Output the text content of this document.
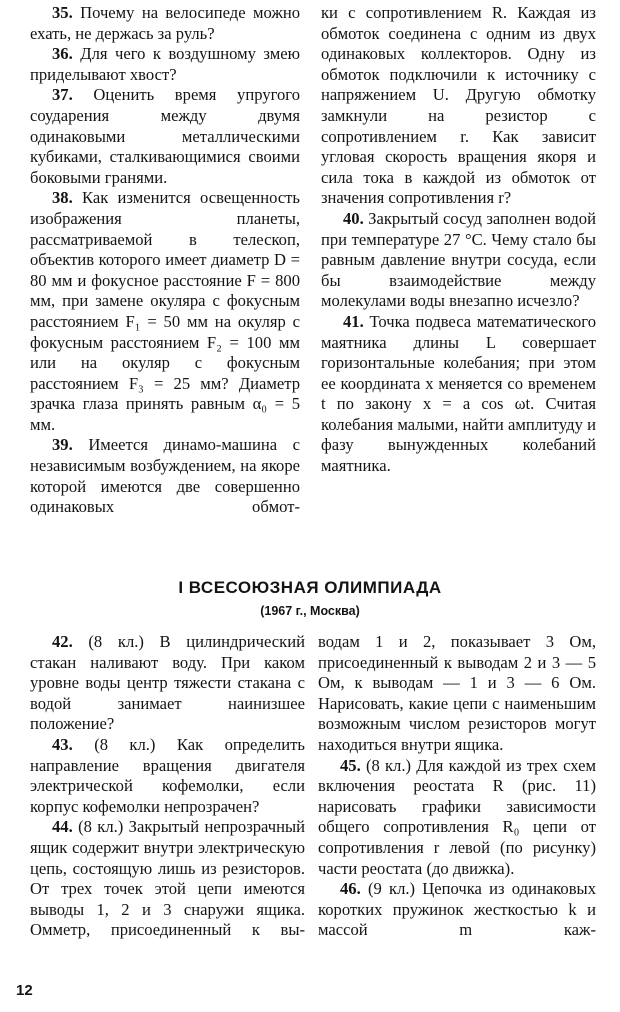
35. Почему на велосипеде можно ехать, не держась за руль?

36. Для чего к воздушному змею приделывают хвост?

37. Оценить время упругого соударения между двумя одинаковыми металлическими кубиками, сталкивающимися своими боковыми гранями.

38. Как изменится освещенность изображения планеты, рассматриваемой в телескоп, объектив которого имеет диаметр D = 80 мм и фокусное расстояние F = 800 мм, при замене окуляра с фокусным расстоянием F₁ = 50 мм на окуляр с фокусным расстоянием F₂ = 100 мм или на окуляр с фокусным расстоянием F₃ = 25 мм? Диаметр зрачка глаза принять равным α₀ = 5 мм.

39. Имеется динамо-машина с независимым возбуждением, на якоре которой имеются две совершенно одинаковых обмот-

ки с сопротивлением R. Каждая из обмоток соединена с одним из двух одинаковых коллекторов. Одну из обмоток подключили к источнику с напряжением U. Другую обмотку замкнули на резистор с сопротивлением r. Как зависит угловая скорость вращения якоря и сила тока в каждой из обмоток от значения сопротивления r?

40. Закрытый сосуд заполнен водой при температуре 27 °C. Чему стало бы равным давление внутри сосуда, если бы взаимодействие между молекулами воды внезапно исчезло?

41. Точка подвеса математического маятника длины L совершает горизонтальные колебания; при этом ее координата x меняется со временем t по закону x = a cos ωt. Считая колебания малыми, найти амплитуду и фазу вынужденных колебаний маятника.

I ВСЕСОЮЗНАЯ ОЛИМПИАДА
(1967 г., Москва)

42. (8 кл.) В цилиндрический стакан наливают воду. При каком уровне воды центр тяжести стакана с водой занимает наинизшее положение?

43. (8 кл.) Как определить направление вращения двигателя электрической кофемолки, если корпус кофемолки непрозрачен?

44. (8 кл.) Закрытый непрозрачный ящик содержит внутри электрическую цепь, состоящую лишь из резисторов. От трех точек этой цепи имеются выводы 1, 2 и 3 снаружи ящика. Омметр, присоединенный к вы-

водам 1 и 2, показывает 3 Ом, присоединенный к выводам 2 и 3 — 5 Ом, к выводам — 1 и 3 — 6 Ом. Нарисовать, какие цепи с наименьшим возможным числом резисторов могут находиться внутри ящика.

45. (8 кл.) Для каждой из трех схем включения реостата R (рис. 11) нарисовать графики зависимости общего сопротивления R₀ цепи от сопротивления r левой (по рисунку) части реостата (до движка).

46. (9 кл.) Цепочка из одинаковых коротких пружинок жесткостью k и массой m каж-

12
